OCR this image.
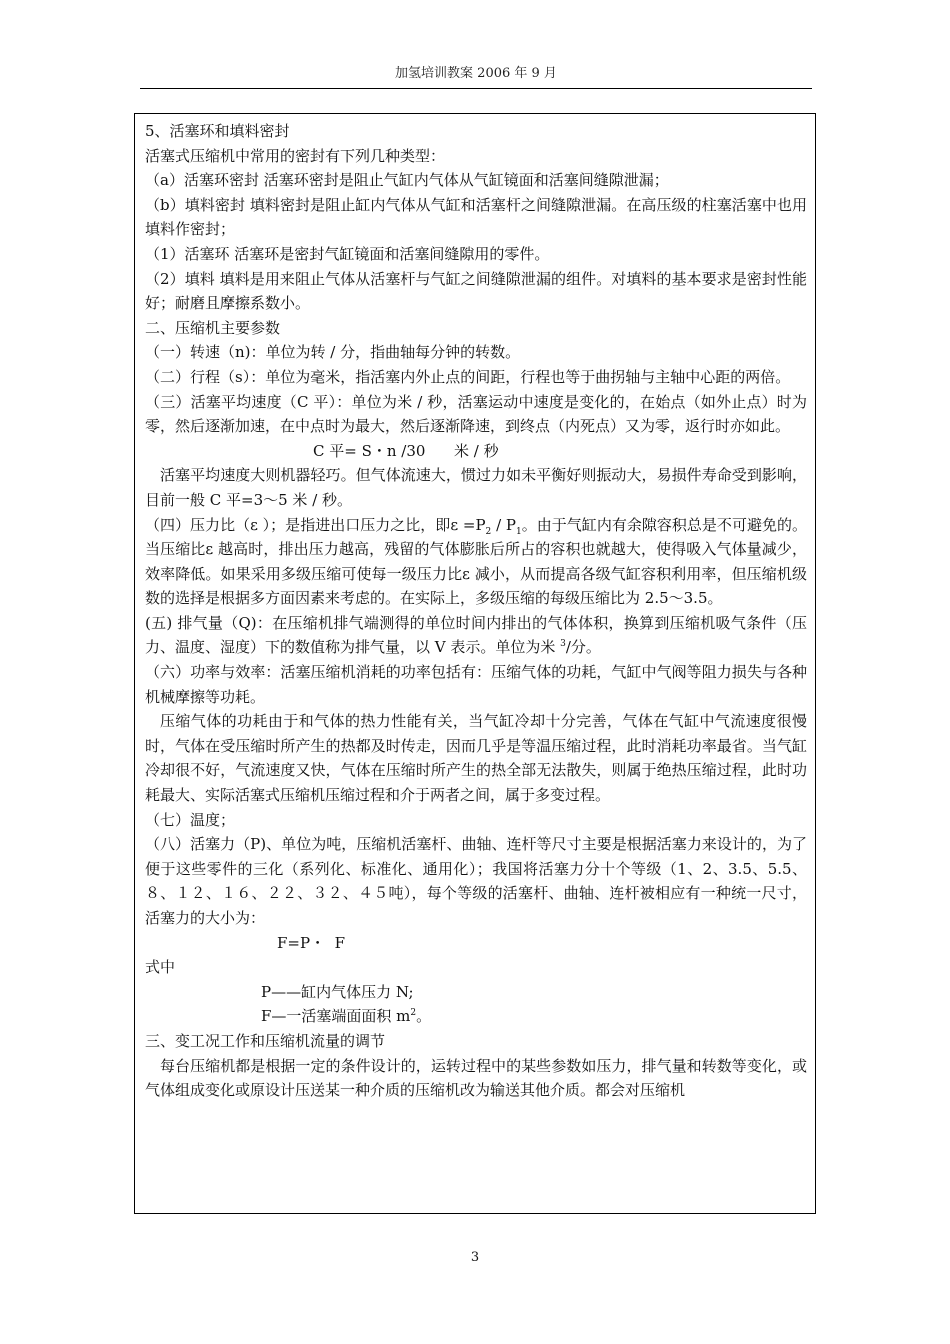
加氢培训教案 2006 年 9 月

5、活塞环和填料密封

活塞式压缩机中常用的密封有下列几种类型：

（a）活塞环密封 活塞环密封是阻止气缸内气体从气缸镜面和活塞间缝隙泄漏；

（b）填料密封 填料密封是阻止缸内气体从气缸和活塞杆之间缝隙泄漏。在高压级的柱塞活塞中也用填料作密封；

（1）活塞环 活塞环是密封气缸镜面和活塞间缝隙用的零件。

（2）填料 填料是用来阻止气体从活塞杆与气缸之间缝隙泄漏的组件。对填料的基本要求是密封性能好；耐磨且摩擦系数小。

二、压缩机主要参数

（一）转速（n)：单位为转 / 分，指曲轴每分钟的转数。

（二）行程（s）：单位为毫米，指活塞内外止点的间距，行程也等于曲拐轴与主轴中心距的两倍。

（三）活塞平均速度（C 平）：单位为米 / 秒，活塞运动中速度是变化的，在始点（如外止点）时为零，然后逐渐加速，在中点时为最大，然后逐渐降速，到终点（内死点）又为零，返行时亦如此。

C 平= S・n /30      米 / 秒

活塞平均速度大则机器轻巧。但气体流速大，惯过力如未平衡好则振动大，易损件寿命受到影响，目前一般 C 平=3～5 米 / 秒。

（四）压力比（ε ）；是指进出口压力之比，即$\varepsilon =P_2 / P_1$。由于气缸内有余隙容积总是不可避免的。当压缩比ε 越高时，排出压力越高，残留的气体膨胀后所占的容积也就越大，使得吸入气体量减少，效率降低。如果采用多级压缩可使每一级压力比ε 减小，从而提高各级气缸容积利用率，但压缩机级数的选择是根据多方面因素来考虑的。在实际上，多级压缩的每级压缩比为 2.5～3.5。

(五) 排气量（Q)：在压缩机排气端测得的单位时间内排出的气体体积，换算到压缩机吸气条件（压力、温度、湿度）下的数值称为排气量，以 V 表示。单位为米 $^3$/分。

（六）功率与效率：活塞压缩机消耗的功率包括有：压缩气体的功耗，气缸中气阀等阻力损失与各种机械摩擦等功耗。

压缩气体的功耗由于和气体的热力性能有关，当气缸冷却十分完善，气体在气缸中气流速度很慢时，气体在受压缩时所产生的热都及时传走，因而几乎是等温压缩过程，此时消耗功率最省。当气缸冷却很不好，气流速度又快，气体在压缩时所产生的热全部无法散失，则属于绝热压缩过程，此时功耗最大、实际活塞式压缩机压缩过程和介于两者之间，属于多变过程。

（七）温度；

（八）活塞力（P)、单位为吨，压缩机活塞杆、曲轴、连杆等尺寸主要是根据活塞力来设计的，为了便于这些零件的三化（系列化、标准化、通用化）；我国将活塞力分十个等级（1、2、3.5、5.5、８、１２、１６、２２、３２、４５吨），每个等级的活塞杆、曲轴、连杆被相应有一种统一尺寸，活塞力的大小为：

F=P・  F

式中

P——缸内气体压力 N;

F—一活塞端面面积 $m^2$。

三、变工况工作和压缩机流量的调节

每台压缩机都是根据一定的条件设计的，运转过程中的某些参数如压力，排气量和转数等变化，或气体组成变化或原设计压送某一种介质的压缩机改为输送其他介质。都会对压缩机

3
